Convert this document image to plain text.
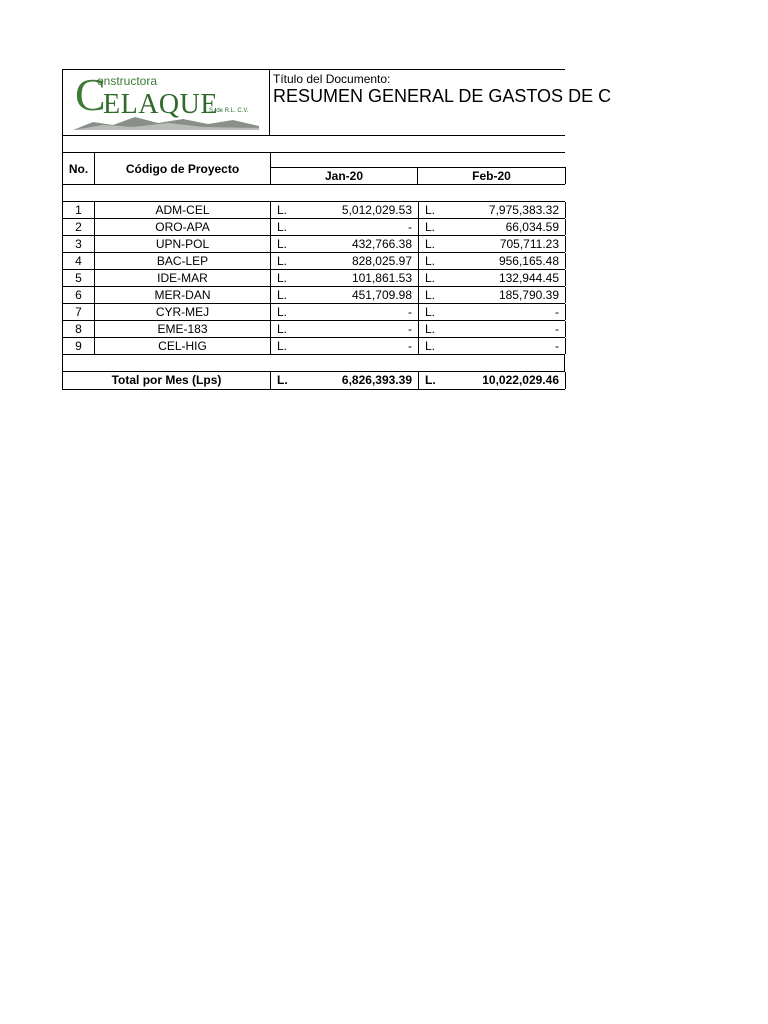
C
onstructora
ELAQUE
S. de R.L. C.V.
Título del Documento:
RESUMEN GENERAL DE GASTOS DE C
No.	Código de Proyecto
Jan-20	Feb-20
1	ADM-CEL	L.	5,012,029.53 L.	7,975,383.32
2	ORO-APA	L.	- L.	66,034.59
3	UPN-POL	L.	432,766.38 L.	705,711.23
4	BAC-LEP	L.	828,025.97 L.	956,165.48
5	IDE-MAR	L.	101,861.53 L.	132,944.45
6	MER-DAN	L.	451,709.98 L.	185,790.39
7	CYR-MEJ	L.	- L.	-
8	EME-183	L.	- L.	-
9	CEL-HIG	L.	- L.	-
Total por Mes (Lps)	L.	6,826,393.39 L.	10,022,029.46
